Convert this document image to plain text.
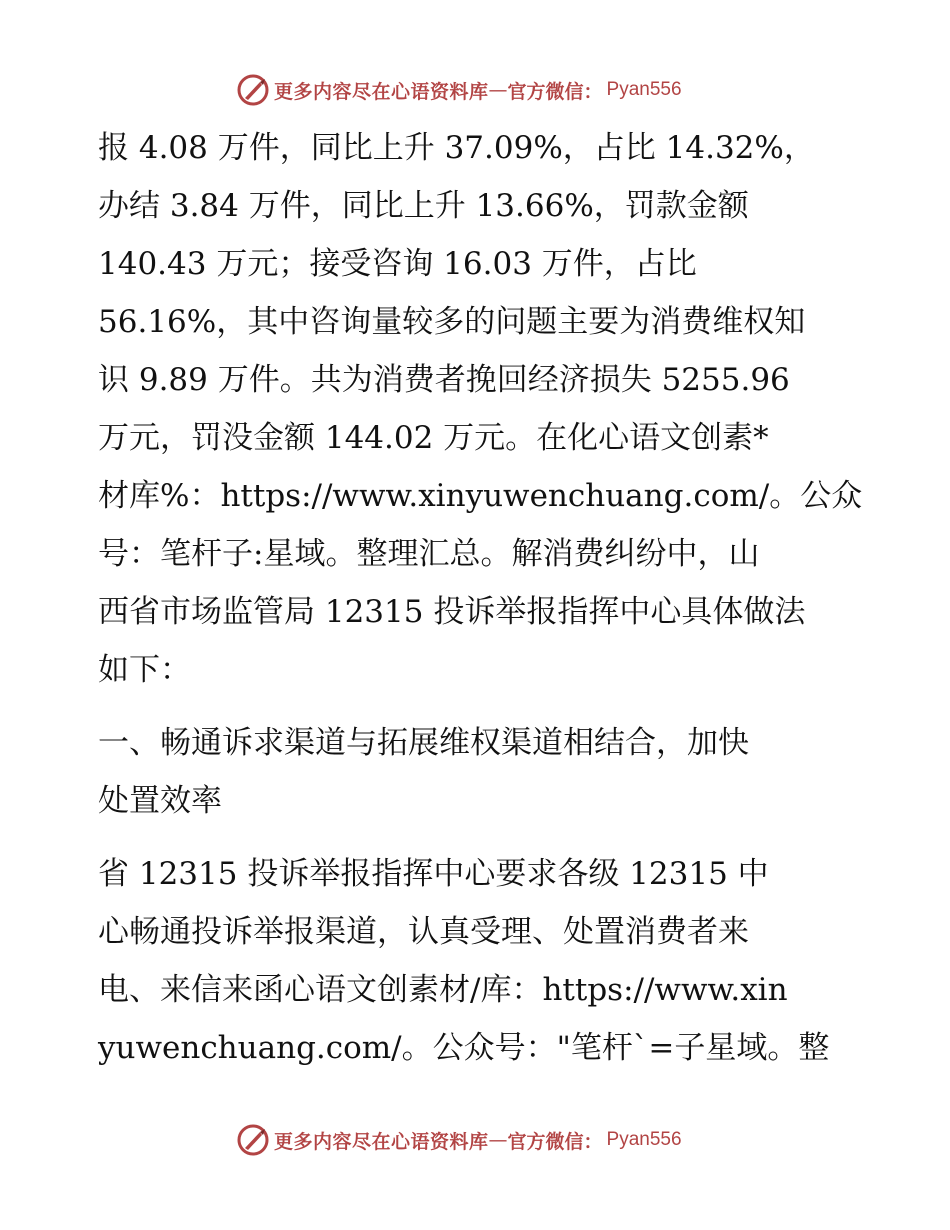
更多内容尽在心语资料库 — 官方微信： Pyan556
报 4.08 万件，同比上升 37.09%，占比 14.32%，
办结 3.84 万件，同比上升 13.66%，罚款金额
140.43 万元；接受咨询 16.03 万件，占比
56.16%，其中咨询量较多的问题主要为消费维权知
识 9.89 万件。共为消费者挽回经济损失 5255.96
万元，罚没金额 144.02 万元。在化心语文创素*
材库%：https://www.xinyuwenchuang.com/。公众
号：笔杆子:星域。整理汇总。解消费纠纷中，山
西省市场监管局 12315 投诉举报指挥中心具体做法
如下：
一、畅通诉求渠道与拓展维权渠道相结合，加快
处置效率
省 12315 投诉举报指挥中心要求各级 12315 中
心畅通投诉举报渠道，认真受理、处置消费者来
电、来信来函心语文创素材/库：https://www.xin
yuwenchuang.com/。公众号："笔杆`=子星域。整
更多内容尽在心语资料库 — 官方微信： Pyan556
